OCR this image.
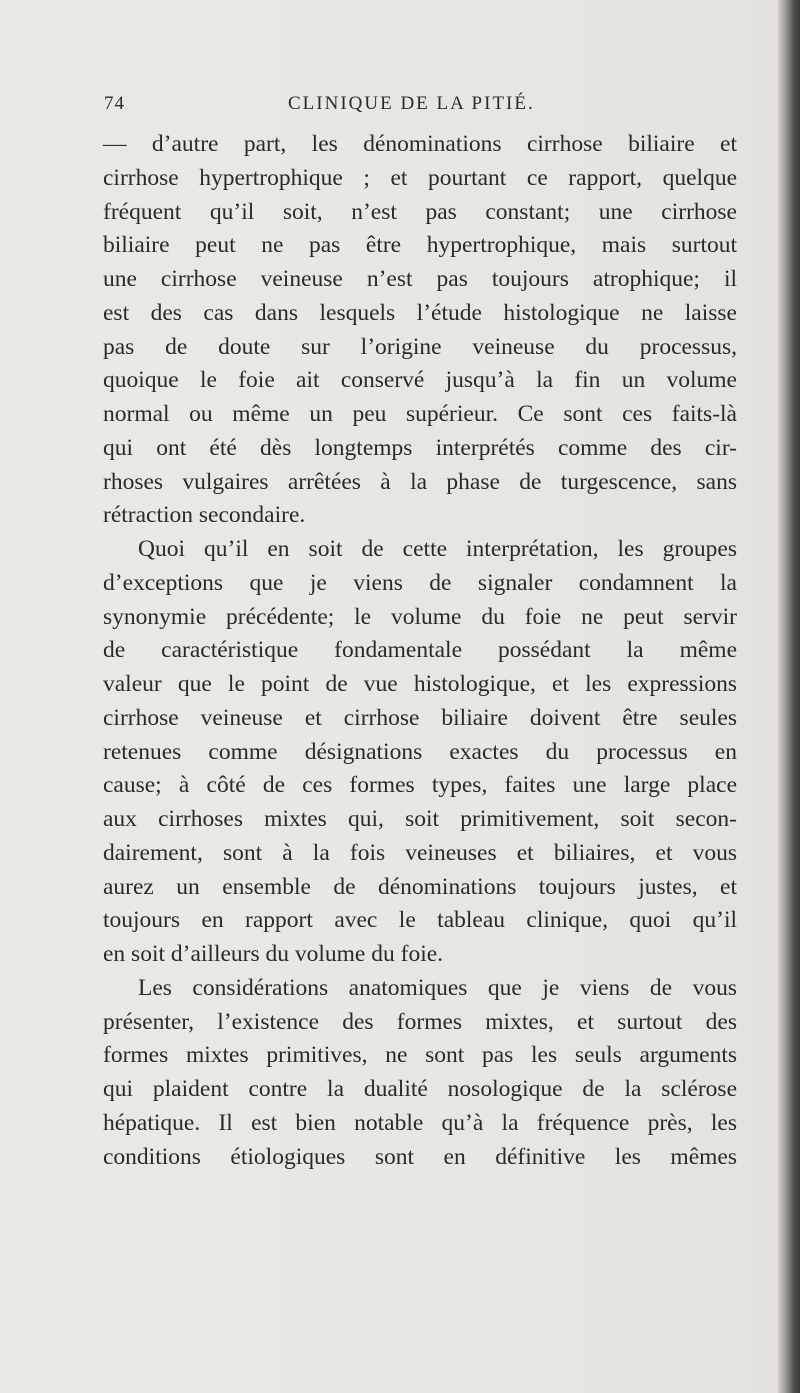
74	CLINIQUE DE LA PITIÉ.
— d’autre part, les dénominations cirrhose biliaire et
cirrhose hypertrophique ; et pourtant ce rapport, quelque
fréquent qu’il soit, n’est pas constant; une cirrhose
biliaire peut ne pas être hypertrophique, mais surtout
une cirrhose veineuse n’est pas toujours atrophique; il
est des cas dans lesquels l’étude histologique ne laisse
pas de doute sur l’origine veineuse du processus,
quoique le foie ait conservé jusqu’à la fin un volume
normal ou même un peu supérieur. Ce sont ces faits-là
qui ont été dès longtemps interprétés comme des cir-
rhoses vulgaires arrêtées à la phase de turgescence, sans
rétraction secondaire.
Quoi qu’il en soit de cette interprétation, les groupes
d’exceptions que je viens de signaler condamnent la
synonymie précédente; le volume du foie ne peut servir
de caractéristique fondamentale possédant la même
valeur que le point de vue histologique, et les expressions
cirrhose veineuse et cirrhose biliaire doivent être seules
retenues comme désignations exactes du processus en
cause; à côté de ces formes types, faites une large place
aux cirrhoses mixtes qui, soit primitivement, soit secon-
dairement, sont à la fois veineuses et biliaires, et vous
aurez un ensemble de dénominations toujours justes, et
toujours en rapport avec le tableau clinique, quoi qu’il
en soit d’ailleurs du volume du foie.
Les considérations anatomiques que je viens de vous
présenter, l’existence des formes mixtes, et surtout des
formes mixtes primitives, ne sont pas les seuls arguments
qui plaident contre la dualité nosologique de la sclérose
hépatique. Il est bien notable qu’à la fréquence près, les
conditions étiologiques sont en définitive les mêmes
